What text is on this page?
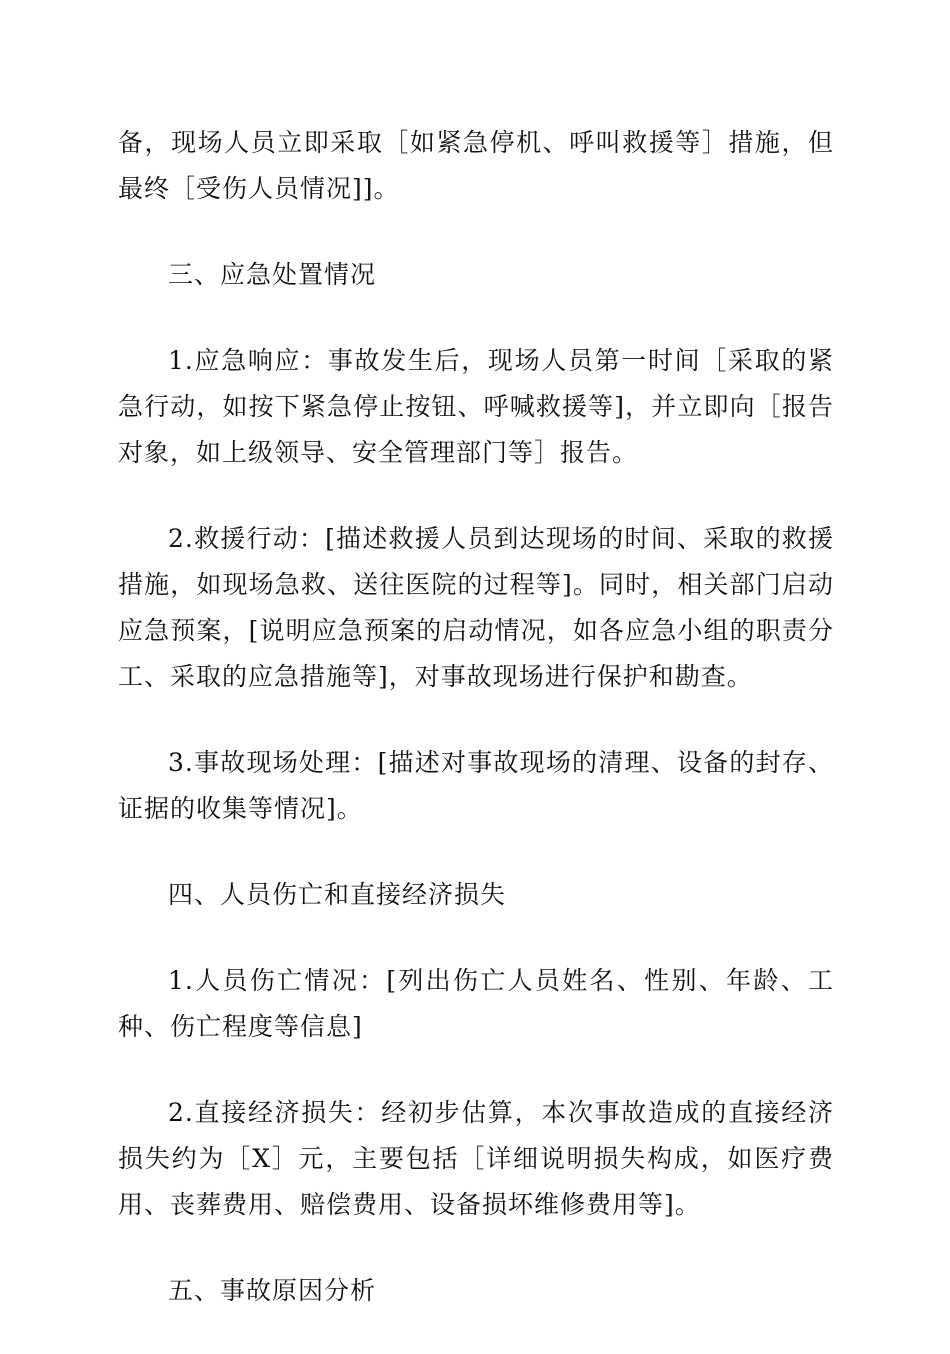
备，现场人员立即采取［如紧急停机、呼叫救援等］措施，但最终［受伤人员情况]]。

三、应急处置情况

1.应急响应：事故发生后，现场人员第一时间［采取的紧急行动，如按下紧急停止按钮、呼喊救援等]，并立即向［报告对象，如上级领导、安全管理部门等］报告。

2.救援行动：[描述救援人员到达现场的时间、采取的救援措施，如现场急救、送往医院的过程等]。同时，相关部门启动应急预案，[说明应急预案的启动情况，如各应急小组的职责分工、采取的应急措施等]，对事故现场进行保护和勘查。

3.事故现场处理：[描述对事故现场的清理、设备的封存、证据的收集等情况]。

四、人员伤亡和直接经济损失

1.人员伤亡情况：[列出伤亡人员姓名、性别、年龄、工种、伤亡程度等信息]

2.直接经济损失：经初步估算，本次事故造成的直接经济损失约为［X］元，主要包括［详细说明损失构成，如医疗费用、丧葬费用、赔偿费用、设备损坏维修费用等]。

五、事故原因分析
